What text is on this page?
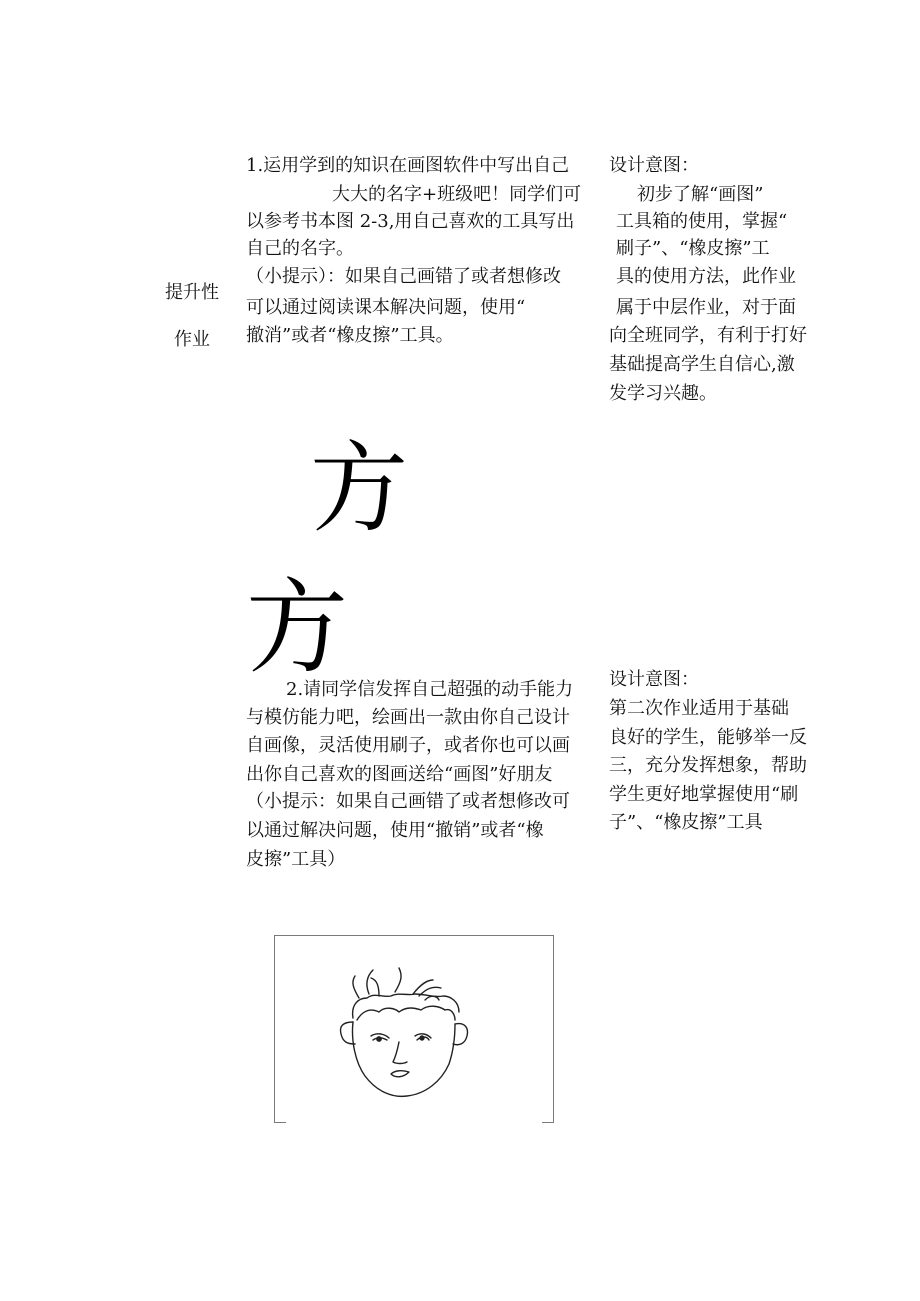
提升性
作业
1.运用学到的知识在画图软件中写出自己
大大的名字+班级吧！同学们可
以参考书本图 2-3,用自己喜欢的工具写出
自己的名字。
（小提示）：如果自己画错了或者想修改
可以通过阅读课本解决问题，使用“
撤消”或者“橡皮擦”工具。
设计意图：
初步了解“画图”
工具箱的使用，掌握“
刷子”、“橡皮擦”工
具的使用方法，此作业
属于中层作业，对于面
向全班同学，有利于打好
基础提高学生自信心,激
发学习兴趣。
方
方
2.请同学信发挥自己超强的动手能力
与模仿能力吧，绘画出一款由你自己设计
自画像，灵活使用刷子，或者你也可以画
出你自己喜欢的图画送给“画图”好朋友
（小提示：如果自己画错了或者想修改可
以通过解决问题，使用“撤销”或者“橡
皮擦”工具）
设计意图：
第二次作业适用于基础
良好的学生，能够举一反
三，充分发挥想象，帮助
学生更好地掌握使用“刷
子”、“橡皮擦”工具
